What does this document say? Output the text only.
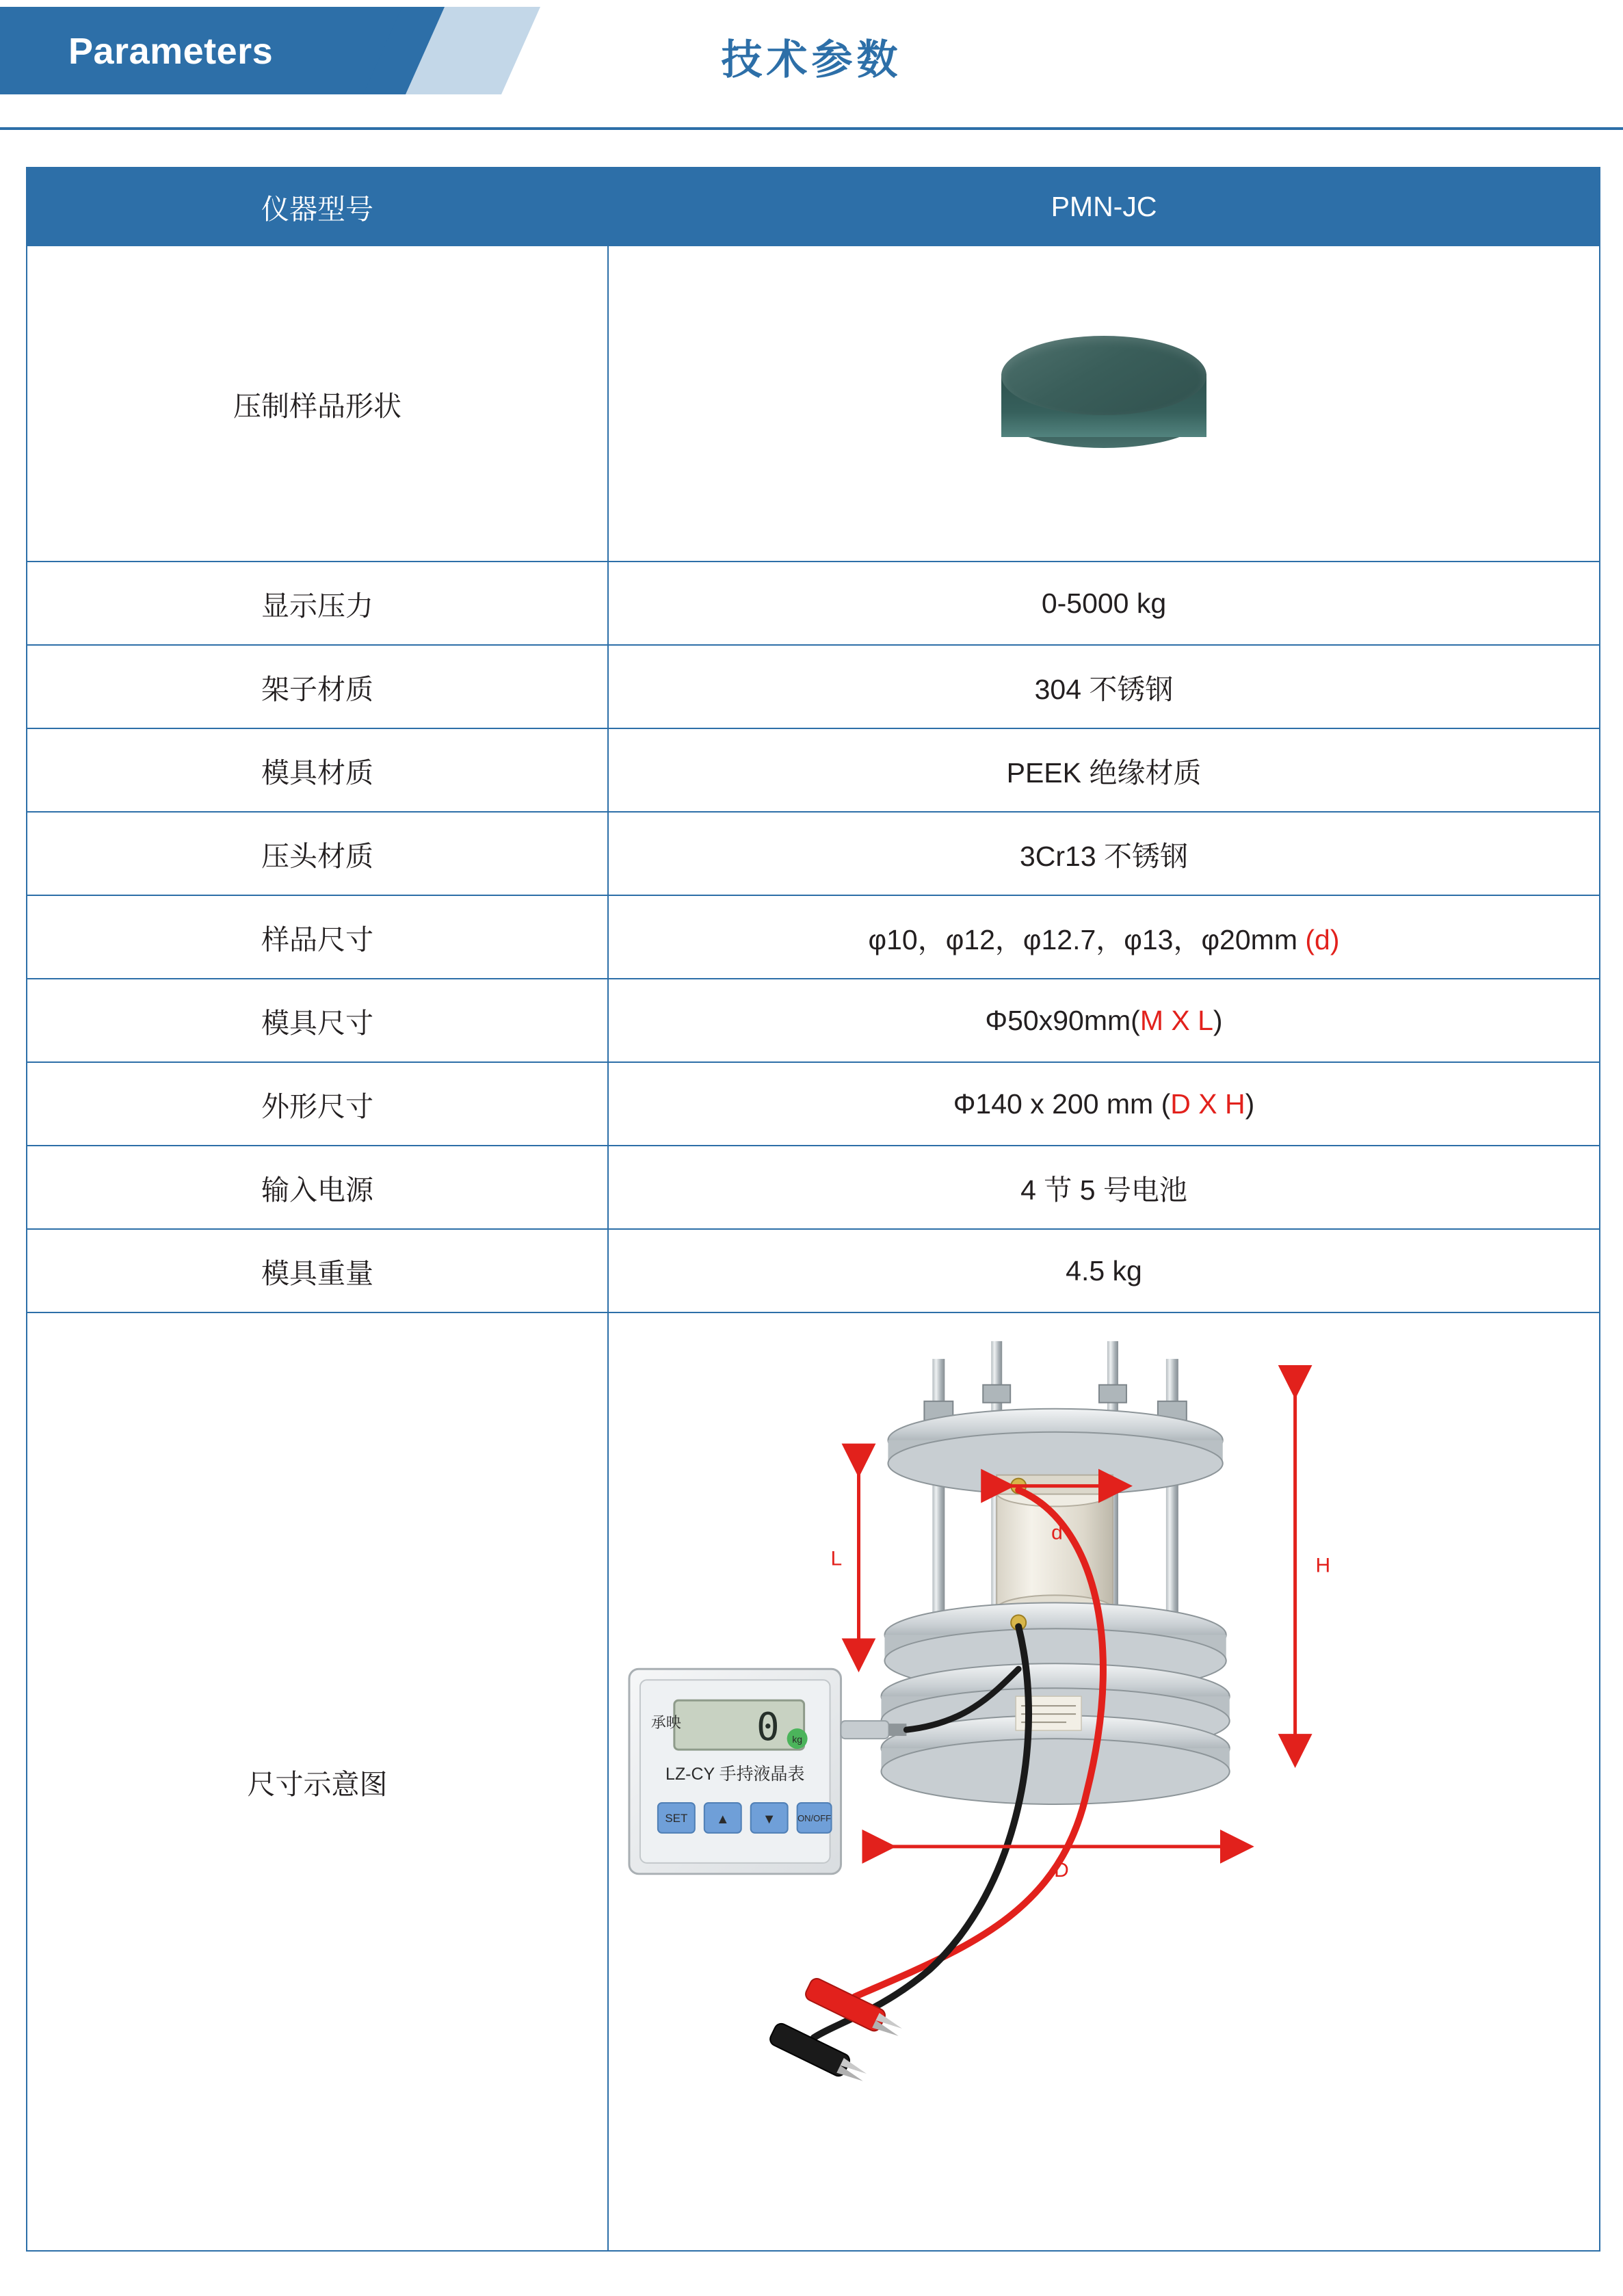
Parameters	技术参数
仪器型号	PMN-JC
压制样品形状	

显示压力	0-5000 kg
架子材质	304 不锈钢
模具材质	PEEK 绝缘材质
压头材质	3Cr13 不锈钢
样品尺寸	φ10，φ12，φ12.7，φ13，φ20mm (d)
模具尺寸	Φ50x90mm(M X L)
外形尺寸	Φ140 x 200 mm (D X H)
输入电源	4 节 5 号电池
模具重量	4.5 kg
尺寸示意图	
0 kg
承映
LZ-CY 手持液晶表
SET ▲ ▼ ON/OFF
H
L
d
D
